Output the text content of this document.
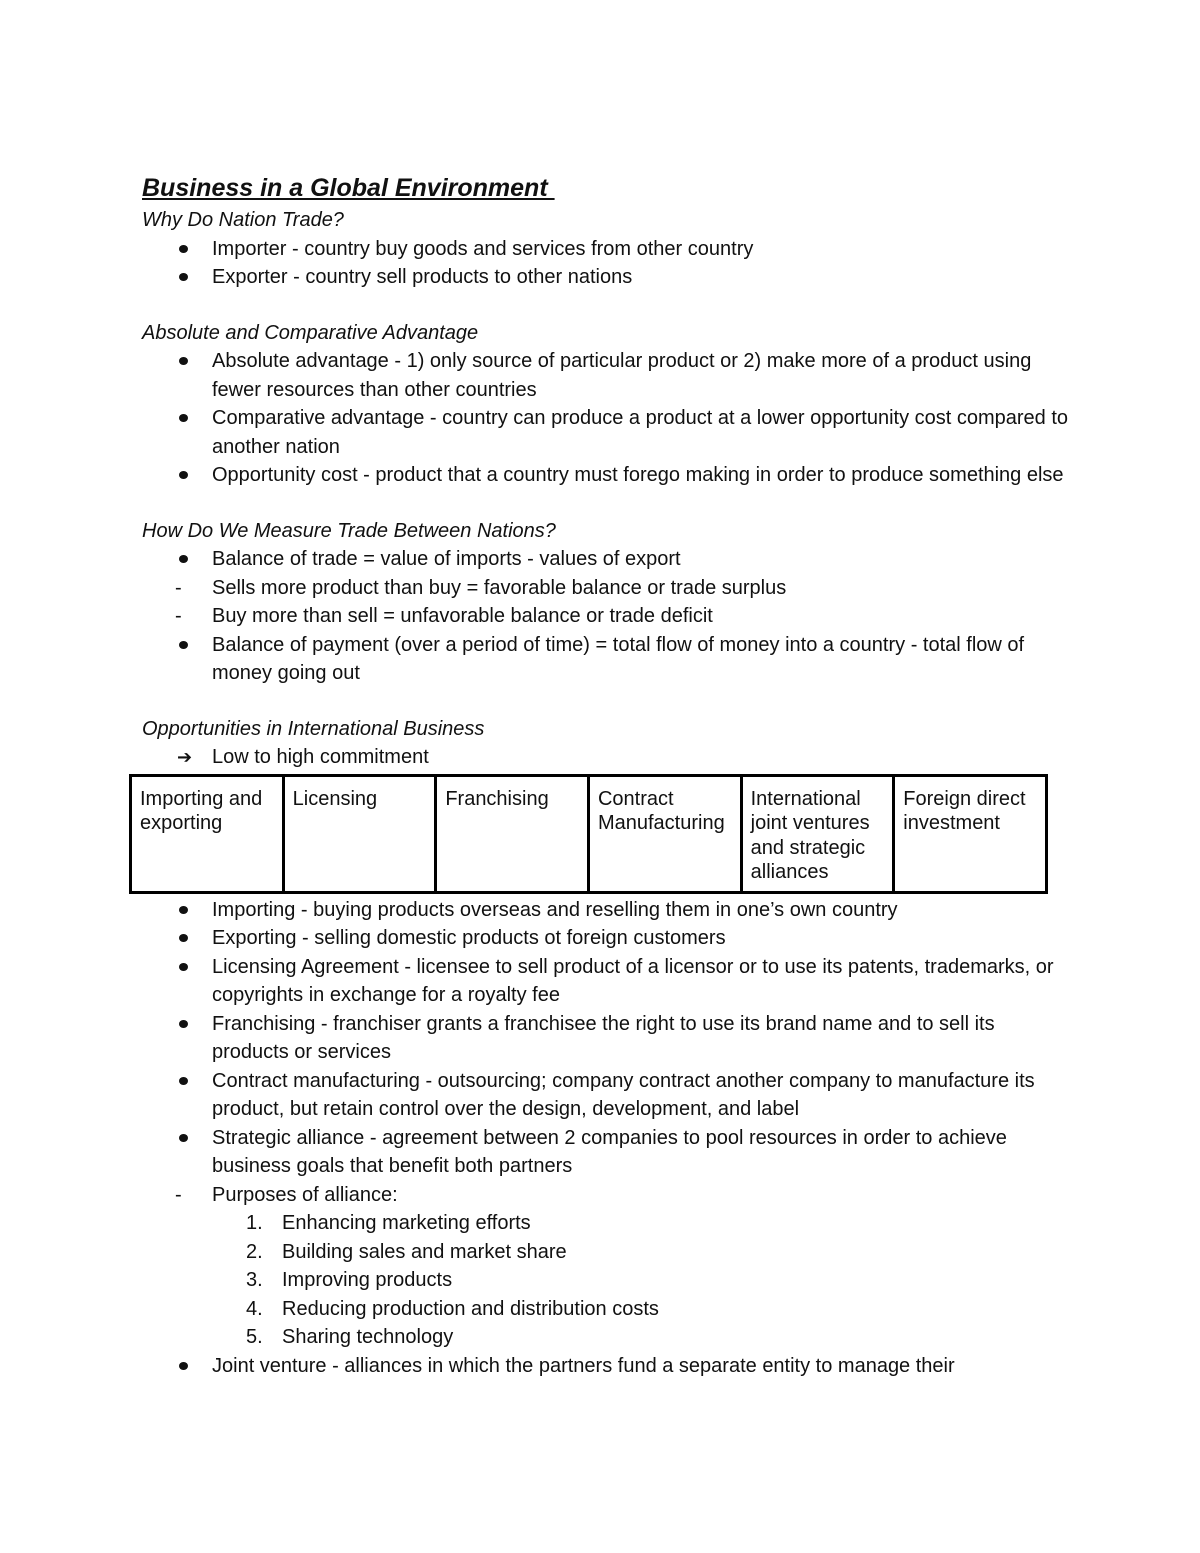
Business in a Global Environment
Why Do Nation Trade?
Importer - country buy goods and services from other country
Exporter - country sell products to other nations
Absolute and Comparative Advantage
Absolute advantage - 1) only source of particular product or 2) make more of a product using fewer resources than other countries
Comparative advantage - country can produce a product at a lower opportunity cost compared to another nation
Opportunity cost - product that a country must forego making in order to produce something else
How Do We Measure Trade Between Nations?
Balance of trade = value of imports - values of export
- Sells more product than buy = favorable balance or trade surplus
- Buy more than sell = unfavorable balance or trade deficit
Balance of payment (over a period of time) = total flow of money into a country - total flow of money going out
Opportunities in International Business
➔ Low to high commitment
Importing and exporting	Licensing	Franchising	Contract Manufacturing	International joint ventures and strategic alliances	Foreign direct investment
Importing - buying products overseas and reselling them in one’s own country
Exporting - selling domestic products ot foreign customers
Licensing Agreement - licensee to sell product of a licensor or to use its patents, trademarks, or copyrights in exchange for a royalty fee
Franchising - franchiser grants a franchisee the right to use its brand name and to sell its products or services
Contract manufacturing - outsourcing; company contract another company to manufacture its product, but retain control over the design, development, and label
Strategic alliance - agreement between 2 companies to pool resources in order to achieve business goals that benefit both partners
- Purposes of alliance:
1. Enhancing marketing efforts
2. Building sales and market share
3. Improving products
4. Reducing production and distribution costs
5. Sharing technology
Joint venture - alliances in which the partners fund a separate entity to manage their
